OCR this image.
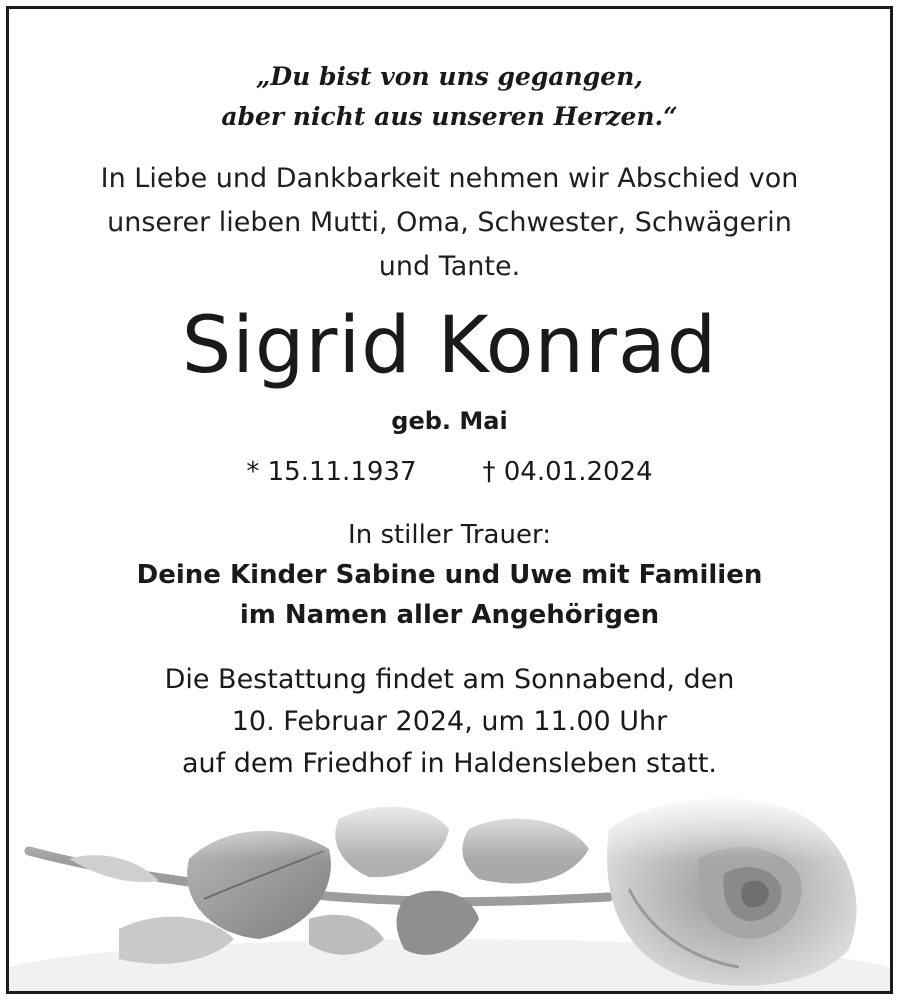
„Du bist von uns gegangen,
aber nicht aus unseren Herzen.“
In Liebe und Dankbarkeit nehmen wir Abschied von
unserer lieben Mutti, Oma, Schwester, Schwägerin
und Tante.
Sigrid Konrad
geb. Mai
* 15.11.1937	† 04.01.2024
In stiller Trauer:
Deine Kinder Sabine und Uwe mit Familien
im Namen aller Angehörigen
Die Bestattung findet am Sonnabend, den
10. Februar 2024, um 11.00 Uhr
auf dem Friedhof in Haldensleben statt.
